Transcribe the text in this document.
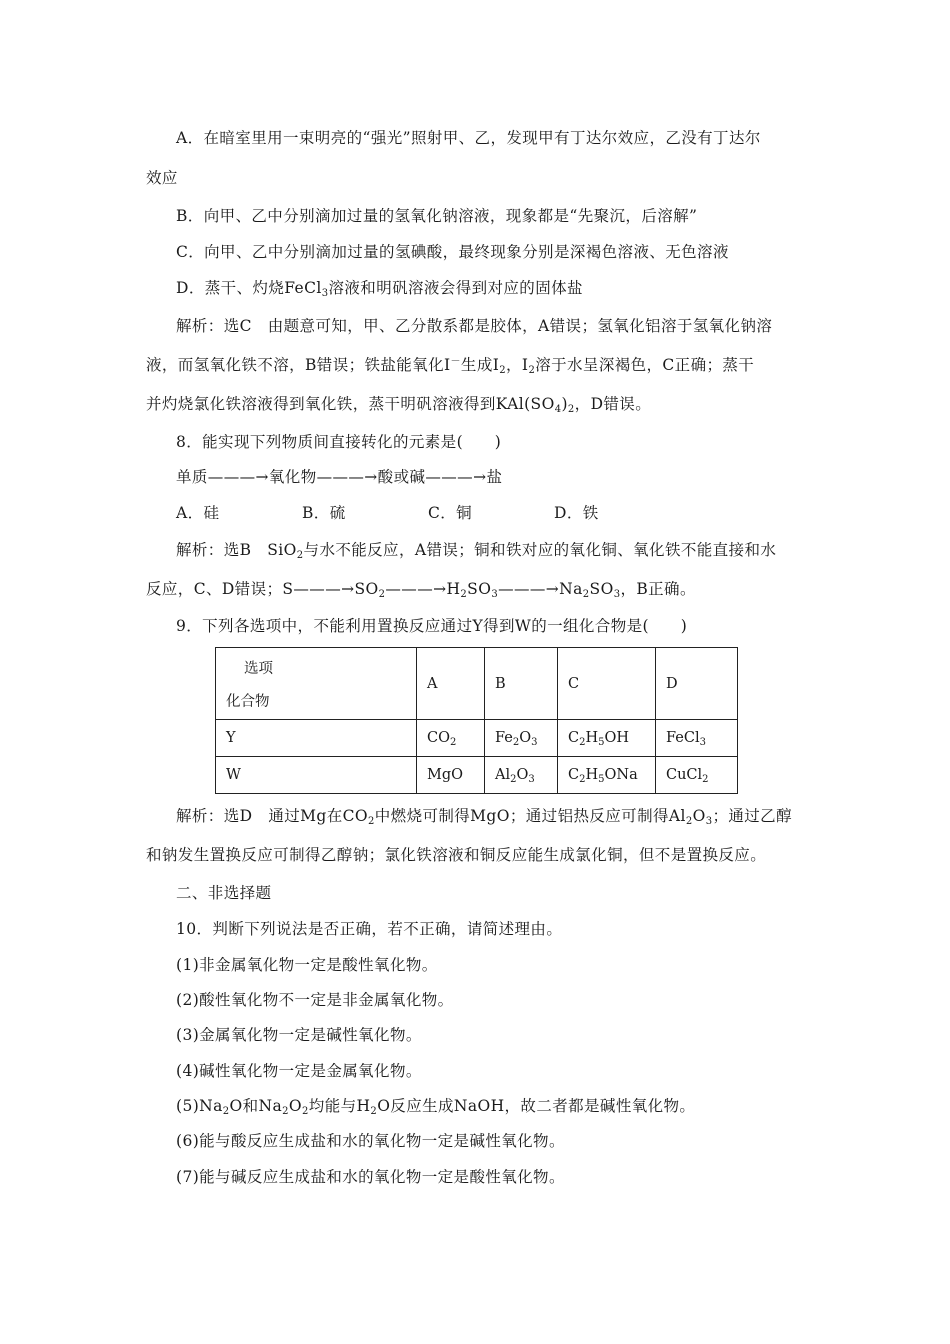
A．在暗室里用一束明亮的“强光”照射甲、乙，发现甲有丁达尔效应，乙没有丁达尔
效应
B．向甲、乙中分别滴加过量的氢氧化钠溶液，现象都是“先聚沉，后溶解”
C．向甲、乙中分别滴加过量的氢碘酸，最终现象分别是深褐色溶液、无色溶液
D．蒸干、灼烧FeCl$_3$溶液和明矾溶液会得到对应的固体盐
解析：选C　由题意可知，甲、乙分散系都是胶体，A错误；氢氧化铝溶于氢氧化钠溶
液，而氢氧化铁不溶，B错误；铁盐能氧化I－生成$I_2$，$I_2$溶于水呈深褐色，C正确；蒸干
并灼烧氯化铁溶液得到氧化铁，蒸干明矾溶液得到$KAl(SO_4)_2$，D错误。
8．能实现下列物质间直接转化的元素是(　　)
单质———→氧化物———→酸或碱———→盐
A．硅	B．硫	C．铜	D．铁
解析：选B　SiO$_2$与水不能反应，A错误；铜和铁对应的氧化铜、氧化铁不能直接和水
反应，C、D错误；$S———\to SO_2———\to H_2SO_3———\to Na_2SO_3$，B正确。
9．下列各选项中，不能利用置换反应通过Y得到W的一组化合物是(　　)
选项
化合物	A	B	C	D
Y	$CO_2$	$Fe_2O_3$	$C_2H_5OH$	FeCl$_3$
W	MgO	$Al_2O_3$	$C_2H_5ONa$	CuCl$_2$
解析：选D　通过Mg在$CO_2$中燃烧可制得MgO；通过铝热反应可制得$Al_2O_3$；通过乙醇
和钠发生置换反应可制得乙醇钠；氯化铁溶液和铜反应能生成氯化铜，但不是置换反应。
二、非选择题
10．判断下列说法是否正确，若不正确，请简述理由。
(1)非金属氧化物一定是酸性氧化物。
(2)酸性氧化物不一定是非金属氧化物。
(3)金属氧化物一定是碱性氧化物。
(4)碱性氧化物一定是金属氧化物。
$(5)Na_2O$和$Na_2O_2$均能与$H_2O$反应生成NaOH，故二者都是碱性氧化物。
(6)能与酸反应生成盐和水的氧化物一定是碱性氧化物。
(7)能与碱反应生成盐和水的氧化物一定是酸性氧化物。
